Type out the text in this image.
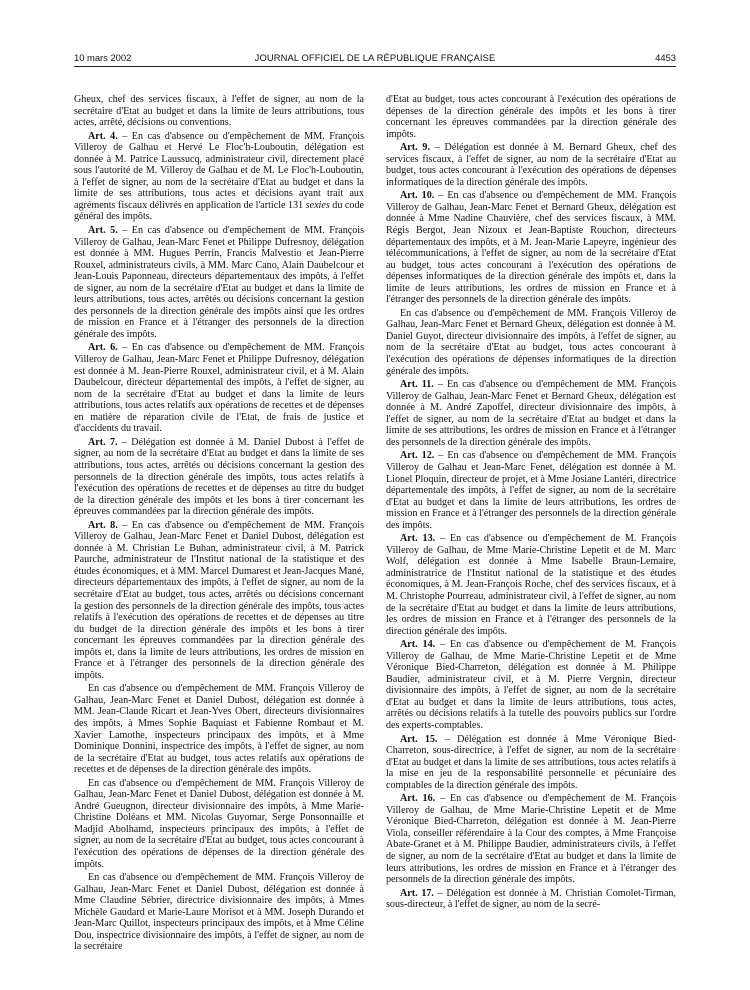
10 mars 2002	JOURNAL OFFICIEL DE LA RÉPUBLIQUE FRANÇAISE	4453

Gheux, chef des services fiscaux, à l'effet de signer, au nom de la secrétaire d'Etat au budget et dans la limite de leurs attributions, tous actes, arrêté, décisions ou conventions.

Art. 4. – En cas d'absence ou d'empêchement de MM. François Villeroy de Galhau et Hervé Le Floc'h-Louboutin, délégation est donnée à M. Patrice Laussucq, administrateur civil, directement placé sous l'autorité de M. Villeroy de Galhau et de M. Le Floc'h-Louboutin, à l'effet de signer, au nom de la secrétaire d'Etat au budget et dans la limite de ses attributions, tous actes et décisions ayant trait aux agréments fiscaux délivrés en application de l'article 131 sexies du code général des impôts.

Art. 5. – En cas d'absence ou d'empêchement de MM. François Villeroy de Galhau, Jean-Marc Fenet et Philippe Dufresnoy, délégation est donnée à MM. Hugues Perrin, Francis Malvestio et Jean-Pierre Rouxel, administrateurs civils, à MM. Marc Cano, Alain Daubelcour et Jean-Louis Paponneau, directeurs départementaux des impôts, à l'effet de signer, au nom de la secrétaire d'Etat au budget et dans la limite de leurs attributions, tous actes, arrêtés ou décisions concernant la gestion des personnels de la direction générale des impôts ainsi que les ordres de mission en France et à l'étranger des personnels de la direction générale des impôts.

Art. 6. – En cas d'absence ou d'empêchement de MM. François Villeroy de Galhau, Jean-Marc Fenet et Philippe Dufresnoy, délégation est donnée à M. Jean-Pierre Rouxel, administrateur civil, et à M. Alain Daubelcour, directeur départemental des impôts, à l'effet de signer, au nom de la secrétaire d'Etat au budget et dans la limite de leurs attributions, tous actes relatifs aux opérations de recettes et de dépenses en matière de réparation civile de l'Etat, de frais de justice et d'accidents du travail.

Art. 7. – Délégation est donnée à M. Daniel Dubost à l'effet de signer, au nom de la secrétaire d'Etat au budget et dans la limite de ses attributions, tous actes, arrêtés ou décisions concernant la gestion des personnels de la direction générale des impôts, tous actes relatifs à l'exécution des opérations de recettes et de dépenses au titre du budget de la direction générale des impôts et les bons à tirer concernant les épreuves commandées par la direction générale des impôts.

Art. 8. – En cas d'absence ou d'empêchement de MM. François Villeroy de Galhau, Jean-Marc Fenet et Daniel Dubost, délégation est donnée à M. Christian Le Buhan, administrateur civil, à M. Patrick Paurche, administrateur de l'Institut national de la statistique et des études économiques, et à MM. Marcel Dumarest et Jean-Jacques Mané, directeurs départementaux des impôts, à l'effet de signer, au nom de la secrétaire d'Etat au budget, tous actes, arrêtés ou décisions concernant la gestion des personnels de la direction générale des impôts, tous actes relatifs à l'exécution des opérations de recettes et de dépenses au titre du budget de la direction générale des impôts et les bons à tirer concernant les épreuves commandées par la direction générale des impôts et, dans la limite de leurs attributions, les ordres de mission en France et à l'étranger des personnels de la direction générale des impôts.

En cas d'absence ou d'empêchement de MM. François Villeroy de Galhau, Jean-Marc Fenet et Daniel Dubost, délégation est donnée à MM. Jean-Claude Ricart et Jean-Yves Obert, directeurs divisionnaires des impôts, à Mmes Sophie Baquiast et Fabienne Rombaut et M. Xavier Lamothe, inspecteurs principaux des impôts, et à Mme Dominique Donnini, inspectrice des impôts, à l'effet de signer, au nom de la secrétaire d'Etat au budget, tous actes relatifs aux opérations de recettes et de dépenses de la direction générale des impôts.

En cas d'absence ou d'empêchement de MM. François Villeroy de Galhau, Jean-Marc Fenet et Daniel Dubost, délégation est donnée à M. André Gueugnon, directeur divisionnaire des impôts, à Mme Marie-Christine Doléans et MM. Nicolas Guyomar, Serge Ponsonnaille et Madjid Abolhamd, inspecteurs principaux des impôts, à l'effet de signer, au nom de la secrétaire d'Etat au budget, tous actes concourant à l'exécution des opérations de dépenses de la direction générale des impôts.

En cas d'absence ou d'empêchement de MM. François Villeroy de Galhau, Jean-Marc Fenet et Daniel Dubost, délégation est donnée à Mme Claudine Sébrier, directrice divisionnaire des impôts, à Mmes Michèle Gaudard et Marie-Laure Morisot et à MM. Joseph Durando et Jean-Marc Quillot, inspecteurs principaux des impôts, et à Mme Céline Dou, inspectrice divisionnaire des impôts, à l'effet de signer, au nom de la secrétaire

d'Etat au budget, tous actes concourant à l'exécution des opérations de dépenses de la direction générale des impôts et les bons à tirer concernant les épreuves commandées par la direction générale des impôts.

Art. 9. – Délégation est donnée à M. Bernard Gheux, chef des services fiscaux, à l'effet de signer, au nom de la secrétaire d'Etat au budget, tous actes concourant à l'exécution des opérations de dépenses informatiques de la direction générale des impôts.

Art. 10. – En cas d'absence ou d'empêchement de MM. François Villeroy de Galhau, Jean-Marc Fenet et Bernard Gheux, délégation est donnée à Mme Nadine Chauvière, chef des services fiscaux, à MM. Régis Bergot, Jean Nizoux et Jean-Baptiste Rouchon, directeurs départementaux des impôts, et à M. Jean-Marie Lapeyre, ingénieur des télécommunications, à l'effet de signer, au nom de la secrétaire d'Etat au budget, tous actes concourant à l'exécution des opérations de dépenses informatiques de la direction générale des impôts et, dans la limite de leurs attributions, les ordres de mission en France et à l'étranger des personnels de la direction générale des impôts.

En cas d'absence ou d'empêchement de MM. François Villeroy de Galhau, Jean-Marc Fenet et Bernard Gheux, délégation est donnée à M. Daniel Guyot, directeur divisionnaire des impôts, à l'effet de signer, au nom de la secrétaire d'Etat au budget, tous actes concourant à l'exécution des opérations de dépenses informatiques de la direction générale des impôts.

Art. 11. – En cas d'absence ou d'empêchement de MM. François Villeroy de Galhau, Jean-Marc Fenet et Bernard Gheux, délégation est donnée à M. André Zapoffel, directeur divisionnaire des impôts, à l'effet de signer, au nom de la secrétaire d'Etat au budget et dans la limite de ses attributions, les ordres de mission en France et à l'étranger des personnels de la direction générale des impôts.

Art. 12. – En cas d'absence ou d'empêchement de MM. François Villeroy de Galhau et Jean-Marc Fenet, délégation est donnée à M. Lionel Ploquin, directeur de projet, et à Mme Josiane Lantéri, directrice départementale des impôts, à l'effet de signer, au nom de la secrétaire d'Etat au budget et dans la limite de leurs attributions, les ordres de mission en France et à l'étranger des personnels de la direction générale des impôts.

Art. 13. – En cas d'absence ou d'empêchement de M. François Villeroy de Galhau, de Mme Marie-Christine Lepetit et de M. Marc Wolf, délégation est donnée à Mme Isabelle Braun-Lemaire, administratrice de l'Institut national de la statistique et des études économiques, à M. Jean-François Roche, chef des services fiscaux, et à M. Christophe Pourreau, administrateur civil, à l'effet de signer, au nom de la secrétaire d'Etat au budget et dans la limite de leurs attributions, les ordres de mission en France et à l'étranger des personnels de la direction générale des impôts.

Art. 14. – En cas d'absence ou d'empêchement de M. François Villeroy de Galhau, de Mme Marie-Christine Lepetit et de Mme Véronique Bied-Charreton, délégation est donnée à M. Philippe Baudier, administrateur civil, et à M. Pierre Vergnin, directeur divisionnaire des impôts, à l'effet de signer, au nom de la secrétaire d'Etat au budget et dans la limite de leurs attributions, tous actes, arrêtés ou décisions relatifs à la tutelle des pouvoirs publics sur l'ordre des experts-comptables.

Art. 15. – Délégation est donnée à Mme Véronique Bied-Charreton, sous-directrice, à l'effet de signer, au nom de la secrétaire d'Etat au budget et dans la limite de ses attributions, tous actes relatifs à la mise en jeu de la responsabilité personnelle et pécuniaire des comptables de la direction générale des impôts.

Art. 16. – En cas d'absence ou d'empêchement de M. François Villeroy de Galhau, de Mme Marie-Christine Lepetit et de Mme Véronique Bied-Charreton, délégation est donnée à M. Jean-Pierre Viola, conseiller référendaire à la Cour des comptes, à Mme Françoise Abate-Granet et à M. Philippe Baudier, administrateurs civils, à l'effet de signer, au nom de la secrétaire d'Etat au budget et dans la limite de leurs attributions, les ordres de mission en France et à l'étranger des personnels de la direction générale des impôts.

Art. 17. – Délégation est donnée à M. Christian Comolet-Tirman, sous-directeur, à l'effet de signer, au nom de la secré-
